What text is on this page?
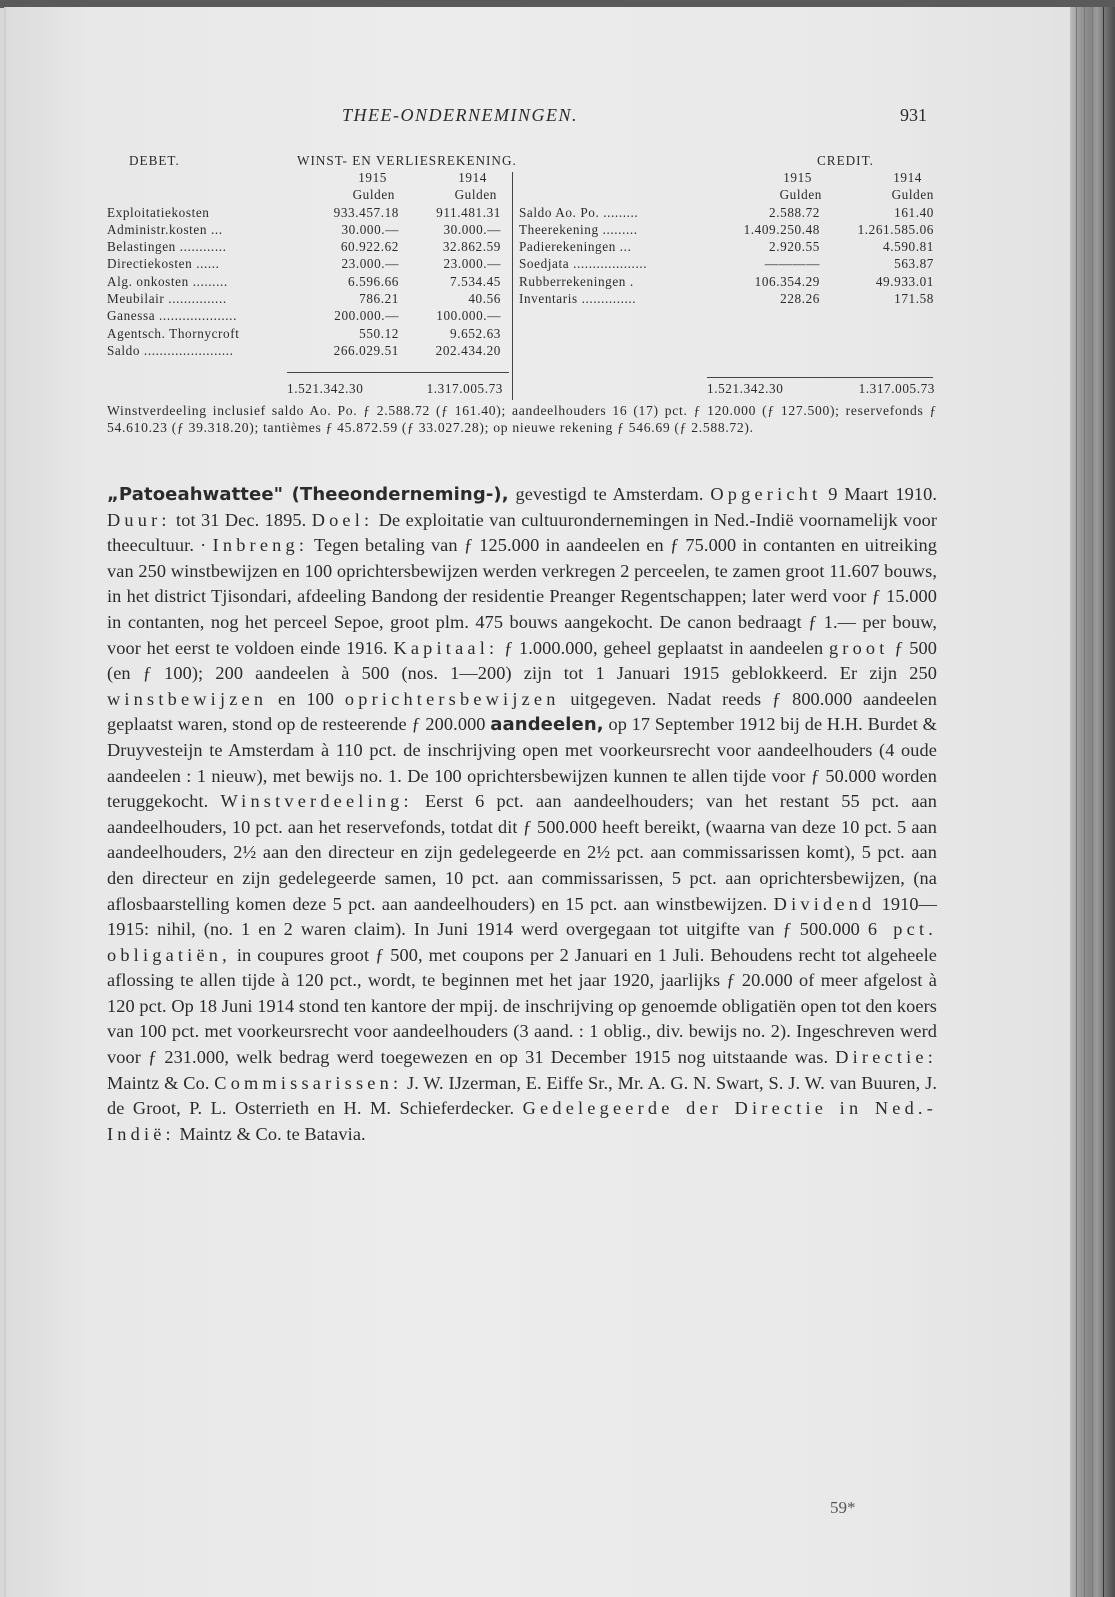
THEE-ONDERNEMINGEN.	931
DEBET.	WINST- EN VERLIESREKENING.	CREDIT.
1915	1914
Gulden	Gulden
Exploitatiekosten	933.457.18	911.481.31
Administr.kosten ...	30.000.—	30.000.—
Belastingen ............	60.922.62	32.862.59
Directiekosten ......	23.000.—	23.000.—
Alg. onkosten .........	6.596.66	7.534.45
Meubilair ...............	786.21	40.56
Ganessa ....................	200.000.—	100.000.—
Agentsch. Thornycroft	550.12	9.652.63
Saldo .......................	266.029.51	202.434.20
1915	1914
Gulden	Gulden
Saldo Ao. Po. .........	2.588.72	161.40
Theerekening .........	1.409.250.48	1.261.585.06
Padierekeningen ...	2.920.55	4.590.81
Soedjata ...................	————	563.87
Rubberrekeningen .	106.354.29	49.933.01
Inventaris ..............	228.26	171.58
1.521.342.30	1.317.005.73	1.521.342.30	1.317.005.73
Winstverdeeling inclusief saldo Ao. Po. ƒ 2.588.72 (ƒ 161.40); aandeelhouders 16 (17) pct. ƒ 120.000 (ƒ 127.500); reservefonds ƒ 54.610.23 (ƒ 39.318.20); tantièmes ƒ 45.872.59 (ƒ 33.027.28); op nieuwe rekening ƒ 546.69 (ƒ 2.588.72).
„Patoeahwattee" (Theeonderneming-), gevestigd te Amsterdam. Opgericht 9 Maart 1910. Duur: tot 31 Dec. 1895. Doel: De exploitatie van cultuurondernemingen in Ned.-Indië voornamelijk voor theecultuur. · Inbreng: Tegen betaling van ƒ 125.000 in aandeelen en ƒ 75.000 in contanten en uitreiking van 250 winstbewijzen en 100 oprichtersbewijzen werden verkregen 2 perceelen, te zamen groot 11.607 bouws, in het district Tjisondari, afdeeling Bandong der residentie Preanger Regentschappen; later werd voor ƒ 15.000 in contanten, nog het perceel Sepoe, groot plm. 475 bouws aangekocht. De canon bedraagt ƒ 1.— per bouw, voor het eerst te voldoen einde 1916. Kapitaal: ƒ 1.000.000, geheel geplaatst in aandeelen groot ƒ 500 (en ƒ 100); 200 aandeelen à 500 (nos. 1—200) zijn tot 1 Januari 1915 geblokkeerd. Er zijn 250 winstbewijzen en 100 oprichtersbewijzen uitgegeven. Nadat reeds ƒ 800.000 aandeelen geplaatst waren, stond op de resteerende ƒ 200.000 aandeelen, op 17 September 1912 bij de H.H. Burdet & Druyvesteijn te Amsterdam à 110 pct. de inschrijving open met voorkeursrecht voor aandeelhouders (4 oude aandeelen : 1 nieuw), met bewijs no. 1. De 100 oprichtersbewijzen kunnen te allen tijde voor ƒ 50.000 worden teruggekocht. Winstverdeeling: Eerst 6 pct. aan aandeelhouders; van het restant 55 pct. aan aandeelhouders, 10 pct. aan het reservefonds, totdat dit ƒ 500.000 heeft bereikt, (waarna van deze 10 pct. 5 aan aandeelhouders, 2½ aan den directeur en zijn gedelegeerde en 2½ pct. aan commissarissen komt), 5 pct. aan den directeur en zijn gedelegeerde samen, 10 pct. aan commissarissen, 5 pct. aan oprichtersbewijzen, (na aflosbaarstelling komen deze 5 pct. aan aandeelhouders) en 15 pct. aan winstbewijzen. Dividend 1910—1915: nihil, (no. 1 en 2 waren claim). In Juni 1914 werd overgegaan tot uitgifte van ƒ 500.000 6 pct. obligatiën, in coupures groot ƒ 500, met coupons per 2 Januari en 1 Juli. Behoudens recht tot algeheele aflossing te allen tijde à 120 pct., wordt, te beginnen met het jaar 1920, jaarlijks ƒ 20.000 of meer afgelost à 120 pct. Op 18 Juni 1914 stond ten kantore der mpij. de inschrijving op genoemde obligatiën open tot den koers van 100 pct. met voorkeursrecht voor aandeelhouders (3 aand. : 1 oblig., div. bewijs no. 2). Ingeschreven werd voor ƒ 231.000, welk bedrag werd toegewezen en op 31 December 1915 nog uitstaande was. Directie: Maintz & Co. Commissarissen: J. W. IJzerman, E. Eiffe Sr., Mr. A. G. N. Swart, S. J. W. van Buuren, J. de Groot, P. L. Osterrieth en H. M. Schieferdecker. Gedelegeerde der Directie in Ned.-Indië: Maintz & Co. te Batavia.
59*
